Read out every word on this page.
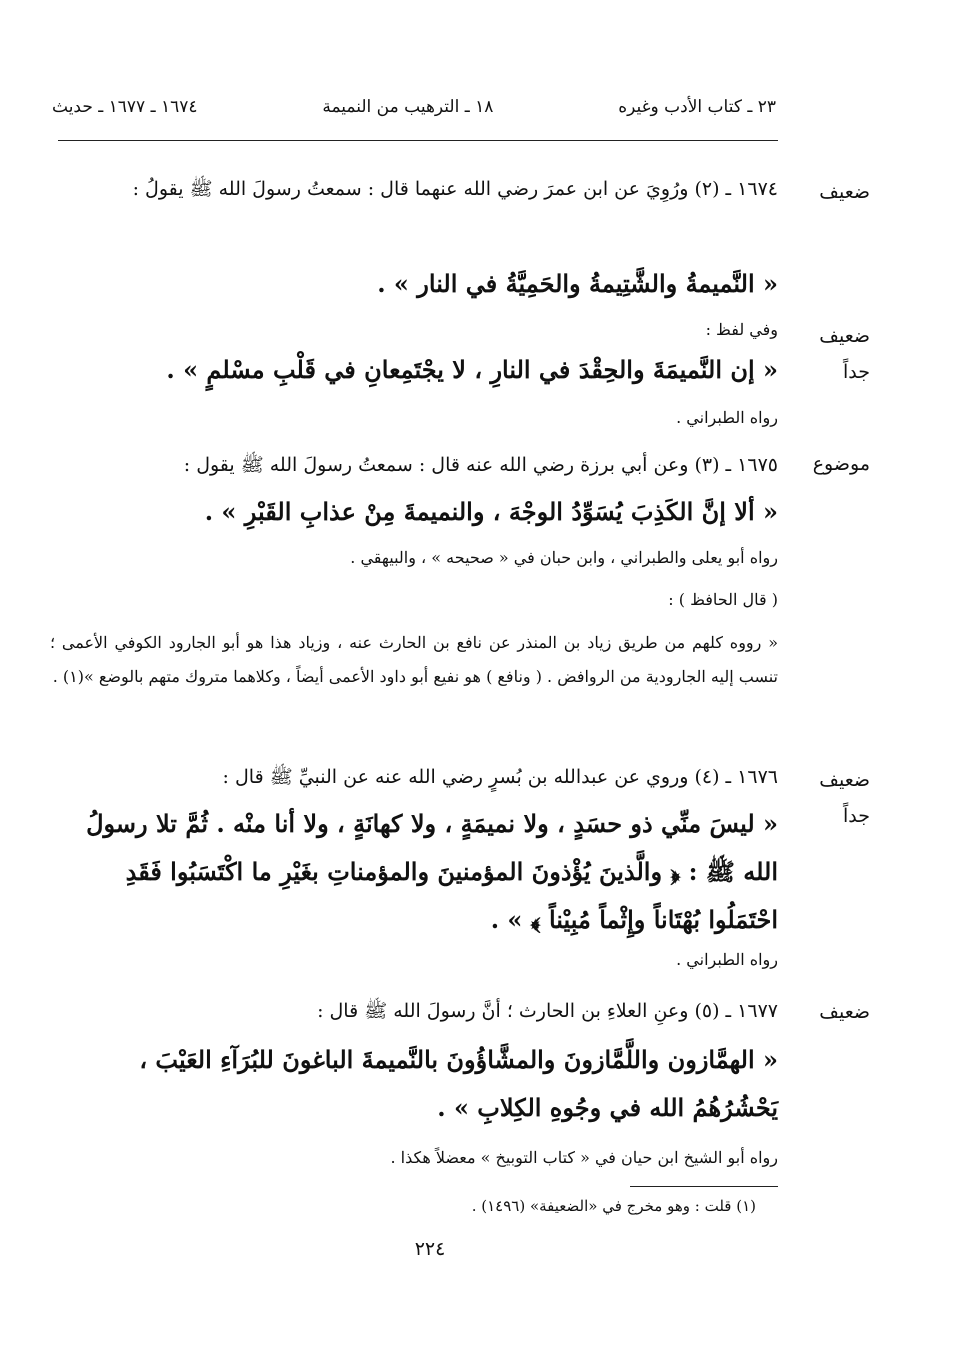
٢٣ ـ كتاب الأدب وغيره
١٨ ـ الترهيب من النميمة
١٦٧٤ ـ ١٦٧٧ ـ حديث
ضعيف
ضعيف جداً
موضوع
ضعيف جداً
ضعيف
١٦٧٤ ـ (٢) ورُوِيَ عن ابن عمرَ رضي الله عنهما قال : سمعتُ رسولَ الله ﷺ يقولُ :
« النَّميمةُ والشَّتِيمةُ والحَمِيَّةُ في النار » .
وفي لفظ :
« إن النَّميمَةَ والحِقْدَ في النارِ ، لا يجْتَمِعانِ في قَلْبِ مسْلمٍ » .
رواه الطبراني .
١٦٧٥ ـ (٣) وعن أبي برزة رضي الله عنه قال : سمعتُ رسولَ الله ﷺ يقول :
« ألا إنَّ الكَذِبَ يُسَوِّدُ الوجْهَ ، والنميمةَ مِنْ عذابِ القَبْرِ » .
رواه أبو يعلى والطبراني ، وابن حبان في « صحيحه » ، والبيهقي .
( قال الحافظ ) :
« رووه كلهم من طريق زياد بن المنذر عن نافع بن الحارث عنه ، وزياد هذا هو أبو الجارود الكوفي الأعمى ؛ تنسب إليه الجارودية من الروافض . ( ونافع ) هو نفيع أبو داود الأعمى أيضاً ، وكلاهما متروك متهم بالوضع »(١) .
١٦٧٦ ـ (٤) وروي عن عبدالله بن بُسرٍ رضي الله عنه عن النبيِّ ﷺ قال :
« ليسَ منِّي ذو حسَدٍ ، ولا نميمَةٍ ، ولا كهانَةٍ ، ولا أنا منْه . ثُمَّ تلا رسولُ الله ﷺ : ﴿ والَّذينَ يُؤْذونَ المؤمنينَ والمؤمناتِ بغَيْرِ ما اكْتَسَبُوا فَقَدِ احْتَمَلُوا بُهْتَاناً وإِثْماً مُبِيْناً ﴾ » .
رواه الطبراني .
١٦٧٧ ـ (٥) وعنِ العلاءِ بن الحارث ؛ أنَّ رسولَ الله ﷺ قال :
« الهمَّازون واللَّمَّازونَ والمشَّاؤُونَ بالنَّميمةَ الباغونَ للبُرَآءِ العَيْبَ ، يَحْشُرُهُمُ الله في وجُوهِ الكِلابِ » .
رواه أبو الشيخ ابن حيان في « كتاب التوبيخ » معضلاً هكذا .
(١) قلت : وهو مخرج في «الضعيفة» (١٤٩٦) .
٢٢٤
